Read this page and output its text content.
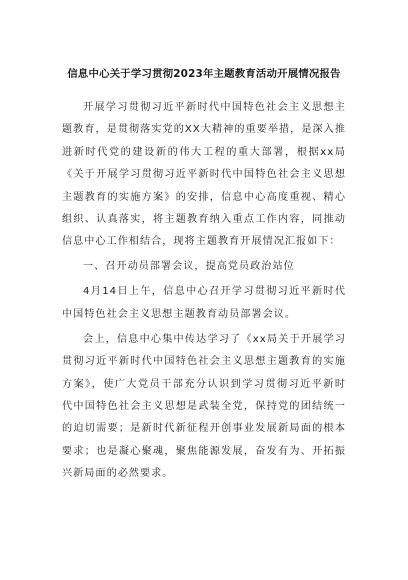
信息中心关于学习贯彻2023年主题教育活动开展情况报告

开展学习贯彻习近平新时代中国特色社会主义思想主题教育，是贯彻落实党的XX大精神的重要举措，是深入推进新时代党的建设新的伟大工程的重大部署，根据xx局《关于开展学习贯彻习近平新时代中国特色社会主义思想主题教育的实施方案》的安排，信息中心高度重视、精心组织、认真落实，将主题教育纳入重点工作内容，同推动信息中心工作相结合，现将主题教育开展情况汇报如下：

一、召开动员部署会议，提高党员政治站位

4月14日上午，信息中心召开学习贯彻习近平新时代中国特色社会主义思想主题教育动员部署会议。

会上，信息中心集中传达学习了《xx局关于开展学习贯彻习近平新时代中国特色社会主义思想主题教育的实施方案》，使广大党员干部充分认识到学习贯彻习近平新时代中国特色社会主义思想是武装全党，保持党的团结统一的迫切需要；是新时代新征程开创事业发展新局面的根本要求；也是凝心聚魂，聚焦能源发展，奋发有为、开拓振兴新局面的必然要求。
